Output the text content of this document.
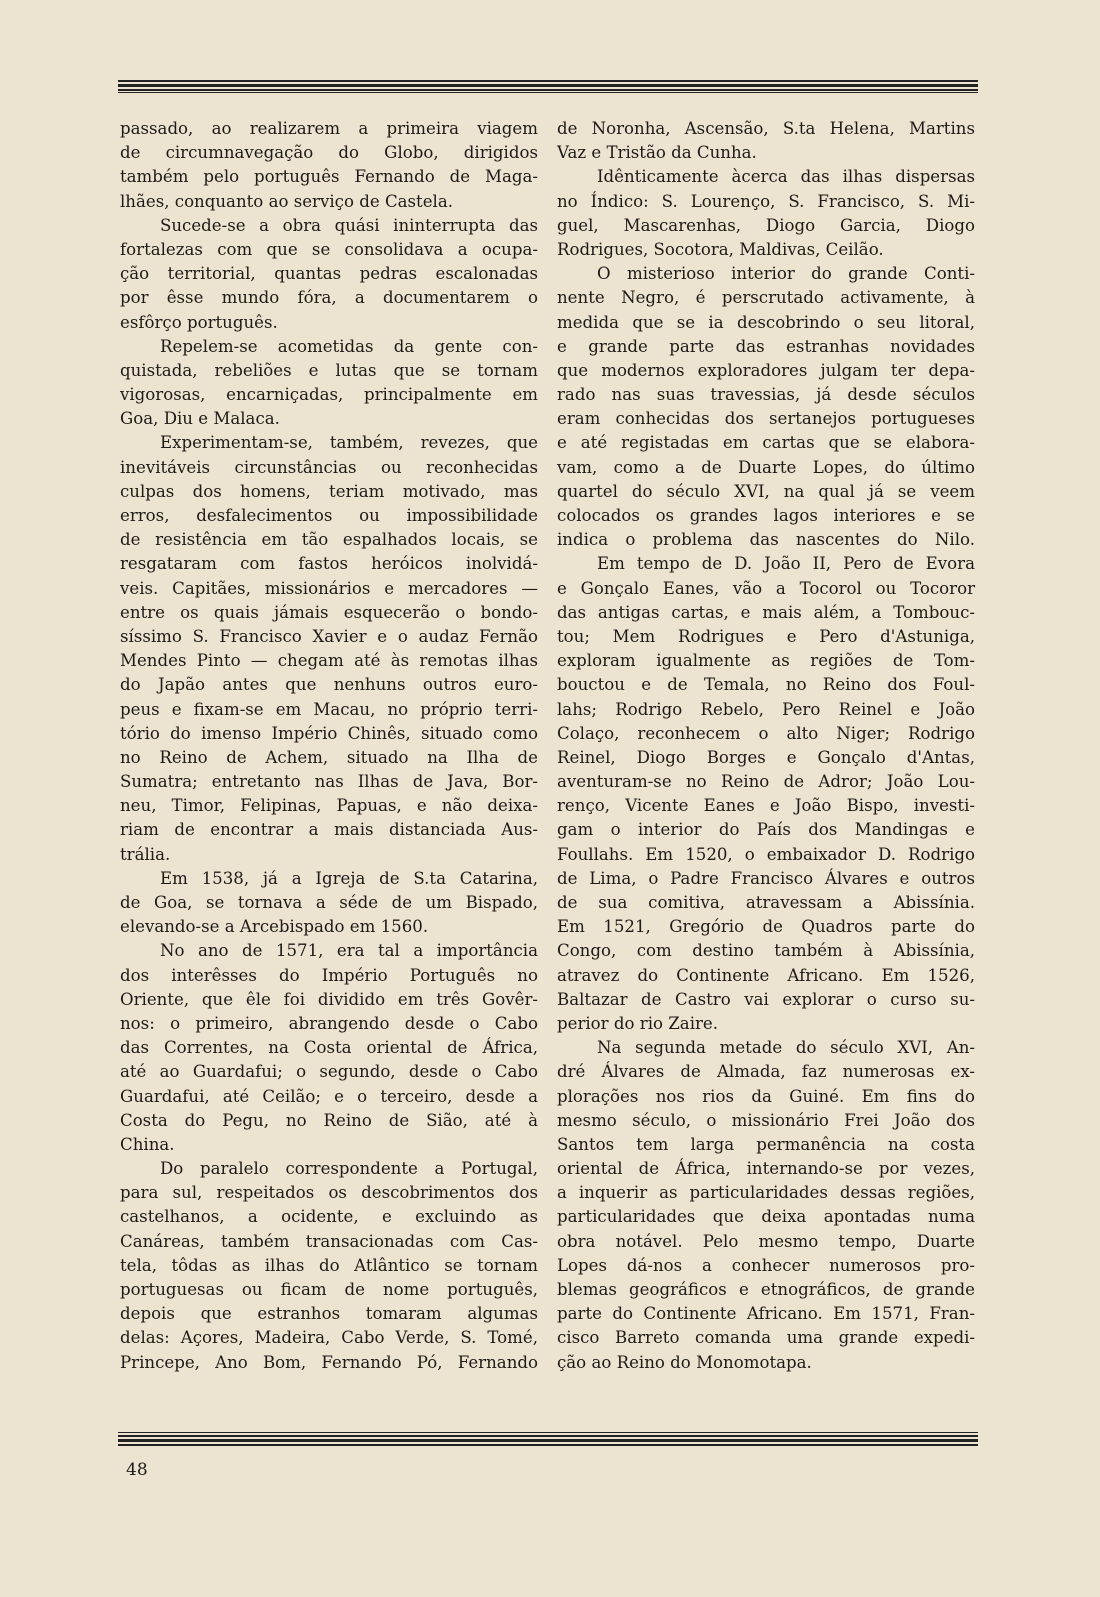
passado, ao realizarem a primeira viagem
de circumnavegação do Globo, dirigidos
também pelo português Fernando de Maga-
lhães, conquanto ao serviço de Castela.
Sucede-se a obra quási ininterrupta das
fortalezas com que se consolidava a ocupa-
ção territorial, quantas pedras escalonadas
por êsse mundo fóra, a documentarem o
esfôrço português.
Repelem-se acometidas da gente con-
quistada, rebeliões e lutas que se tornam
vigorosas, encarniçadas, principalmente em
Goa, Diu e Malaca.
Experimentam-se, também, revezes, que
inevitáveis circunstâncias ou reconhecidas
culpas dos homens, teriam motivado, mas
erros, desfalecimentos ou impossibilidade
de resistência em tão espalhados locais, se
resgataram com fastos heróicos inolvidá-
veis. Capitães, missionários e mercadores —
entre os quais jámais esquecerão o bondo-
síssimo S. Francisco Xavier e o audaz Fernão
Mendes Pinto — chegam até às remotas ilhas
do Japão antes que nenhuns outros euro-
peus e fixam-se em Macau, no próprio terri-
tório do imenso Império Chinês, situado como
no Reino de Achem, situado na Ilha de
Sumatra; entretanto nas Ilhas de Java, Bor-
neu, Timor, Felipinas, Papuas, e não deixa-
riam de encontrar a mais distanciada Aus-
trália.
Em 1538, já a Igreja de S.ta Catarina,
de Goa, se tornava a séde de um Bispado,
elevando-se a Arcebispado em 1560.
No ano de 1571, era tal a importância
dos interêsses do Império Português no
Oriente, que êle foi dividido em três Govêr-
nos: o primeiro, abrangendo desde o Cabo
das Correntes, na Costa oriental de África,
até ao Guardafui; o segundo, desde o Cabo
Guardafui, até Ceilão; e o terceiro, desde a
Costa do Pegu, no Reino de Sião, até à
China.
Do paralelo correspondente a Portugal,
para sul, respeitados os descobrimentos dos
castelhanos, a ocidente, e excluindo as
Canáreas, também transacionadas com Cas-
tela, tôdas as ilhas do Atlântico se tornam
portuguesas ou ficam de nome português,
depois que estranhos tomaram algumas
delas: Açores, Madeira, Cabo Verde, S. Tomé,
Princepe, Ano Bom, Fernando Pó, Fernando
de Noronha, Ascensão, S.ta Helena, Martins
Vaz e Tristão da Cunha.
Idênticamente àcerca das ilhas dispersas
no Índico: S. Lourenço, S. Francisco, S. Mi-
guel, Mascarenhas, Diogo Garcia, Diogo
Rodrigues, Socotora, Maldivas, Ceilão.
O misterioso interior do grande Conti-
nente Negro, é perscrutado activamente, à
medida que se ia descobrindo o seu litoral,
e grande parte das estranhas novidades
que modernos exploradores julgam ter depa-
rado nas suas travessias, já desde séculos
eram conhecidas dos sertanejos portugueses
e até registadas em cartas que se elabora-
vam, como a de Duarte Lopes, do último
quartel do século XVI, na qual já se veem
colocados os grandes lagos interiores e se
indica o problema das nascentes do Nilo.
Em tempo de D. João II, Pero de Evora
e Gonçalo Eanes, vão a Tocorol ou Tocoror
das antigas cartas, e mais além, a Tombouc-
tou; Mem Rodrigues e Pero d'Astuniga,
exploram igualmente as regiões de Tom-
bouctou e de Temala, no Reino dos Foul-
lahs; Rodrigo Rebelo, Pero Reinel e João
Colaço, reconhecem o alto Niger; Rodrigo
Reinel, Diogo Borges e Gonçalo d'Antas,
aventuram-se no Reino de Adror; João Lou-
renço, Vicente Eanes e João Bispo, investi-
gam o interior do País dos Mandingas e
Foullahs. Em 1520, o embaixador D. Rodrigo
de Lima, o Padre Francisco Álvares e outros
de sua comitiva, atravessam a Abissínia.
Em 1521, Gregório de Quadros parte do
Congo, com destino também à Abissínia,
atravez do Continente Africano. Em 1526,
Baltazar de Castro vai explorar o curso su-
perior do rio Zaire.
Na segunda metade do século XVI, An-
dré Álvares de Almada, faz numerosas ex-
plorações nos rios da Guiné. Em fins do
mesmo século, o missionário Frei João dos
Santos tem larga permanência na costa
oriental de África, internando-se por vezes,
a inquerir as particularidades dessas regiões,
particularidades que deixa apontadas numa
obra notável. Pelo mesmo tempo, Duarte
Lopes dá-nos a conhecer numerosos pro-
blemas geográficos e etnográficos, de grande
parte do Continente Africano. Em 1571, Fran-
cisco Barreto comanda uma grande expedi-
ção ao Reino do Monomotapa.
48
